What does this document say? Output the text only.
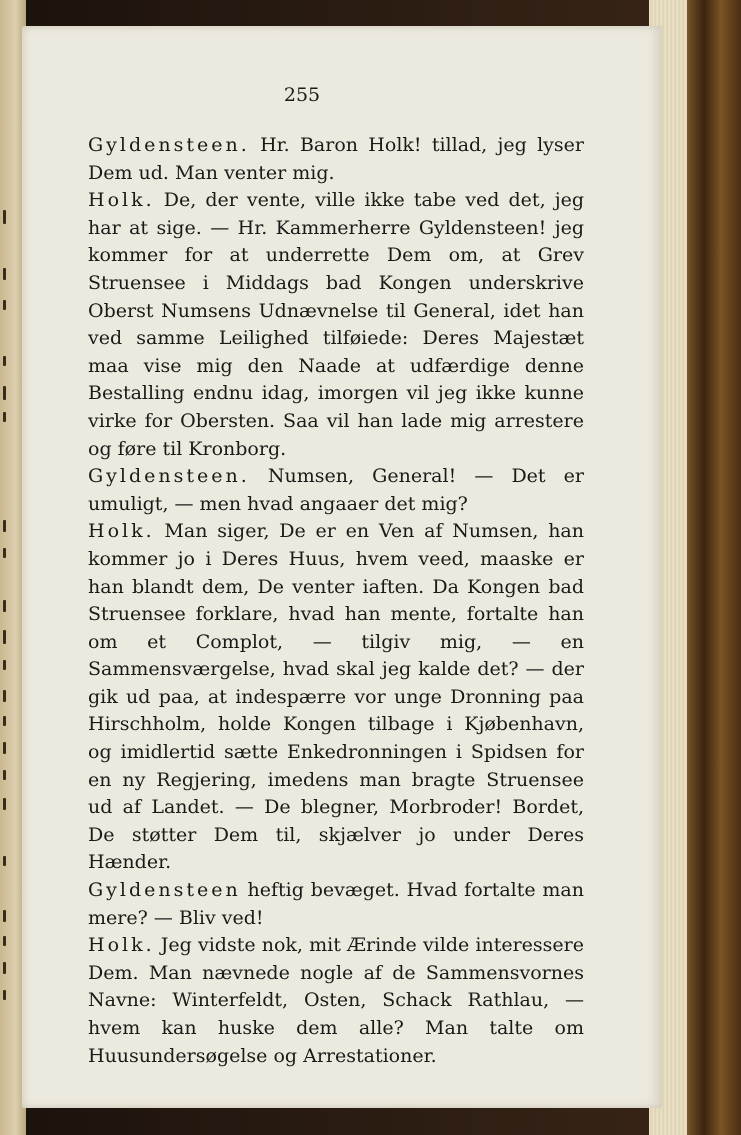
255

Gyldensteen. Hr. Baron Holk! tillad, jeg lyser Dem ud. Man venter mig.

Holk. De, der vente, ville ikke tabe ved det, jeg har at sige. — Hr. Kammerherre Gyldensteen! jeg kommer for at underrette Dem om, at Grev Struensee i Middags bad Kongen underskrive Oberst Numsens Udnævnelse til General, idet han ved samme Leilighed tilføiede: Deres Majestæt maa vise mig den Naade at udfærdige denne Bestalling endnu idag, imorgen vil jeg ikke kunne virke for Obersten. Saa vil han lade mig arrestere og føre til Kronborg.

Gyldensteen. Numsen, General! — Det er umuligt, — men hvad angaaer det mig?

Holk. Man siger, De er en Ven af Numsen, han kommer jo i Deres Huus, hvem veed, maaske er han blandt dem, De venter iaften. Da Kongen bad Struensee forklare, hvad han mente, fortalte han om et Complot, — tilgiv mig, — en Sammensværgelse, hvad skal jeg kalde det? — der gik ud paa, at indespærre vor unge Dronning paa Hirschholm, holde Kongen tilbage i Kjøbenhavn, og imidlertid sætte Enkedronningen i Spidsen for en ny Regjering, imedens man bragte Struensee ud af Landet. — De blegner, Morbroder! Bordet, De støtter Dem til, skjælver jo under Deres Hænder.

Gyldensteen heftig bevæget. Hvad fortalte man mere? — Bliv ved!

Holk. Jeg vidste nok, mit Ærinde vilde interessere Dem. Man nævnede nogle af de Sammensvornes Navne: Winterfeldt, Osten, Schack Rathlau, — hvem kan huske dem alle? Man talte om Huusundersøgelse og Arrestationer.
